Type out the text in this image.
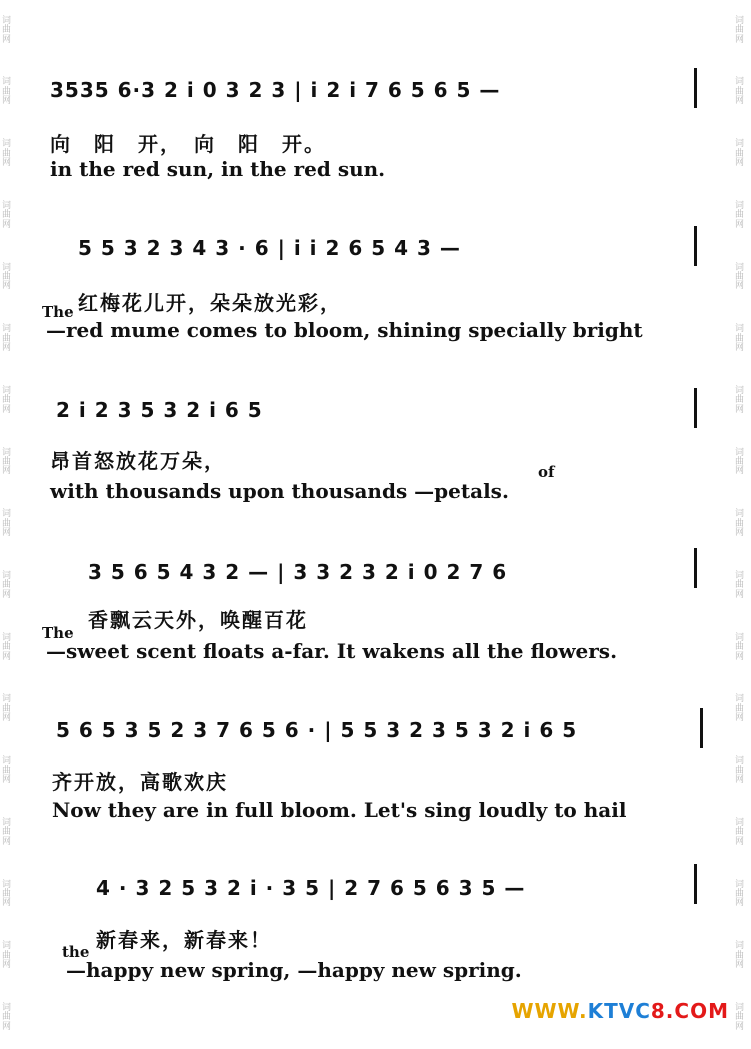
词曲网
词曲网
词曲网
词曲网
词曲网
词曲网
词曲网
词曲网
词曲网
词曲网
词曲网
词曲网
词曲网
词曲网
词曲网
词曲网
词曲网
词曲网
词曲网
词曲网
词曲网
词曲网
词曲网
词曲网
词曲网
词曲网
词曲网
词曲网
词曲网
词曲网
词曲网
词曲网
词曲网
词曲网
3535 6·3 2 i 0 3 2 3 | i 2 i 7 6 5 6 5 —
向　阳　开，　向　阳　开。
in the red sun, in the red sun.
5 5 3 2 3 4 3 · 6 | i i 2 6 5 4 3 —
红梅花儿开，朵朵放光彩，
The
—red mume comes to bloom, shining specially bright
2 i 2 3 5 3 2 i 6 5
昂首怒放花万朵，	of
with thousands upon thousands —petals.
3 5 6 5 4 3 2 — | 3 3 2 3 2 i 0 2 7 6
香飘云天外，唤醒百花
The
—sweet scent floats a-far. It wakens all the flowers.
5 6 5 3 5 2 3 7 6 5 6 · | 5 5 3 2 3 5 3 2 i 6 5
齐开放，高歌欢庆
Now they are in full bloom. Let's sing loudly to hail
4 · 3 2 5 3 2 i · 3 5 | 2 7 6 5 6 3 5 —
新春来，新春来！
the
—happy new spring, —happy new spring.
WWW.KTVC8.COM
